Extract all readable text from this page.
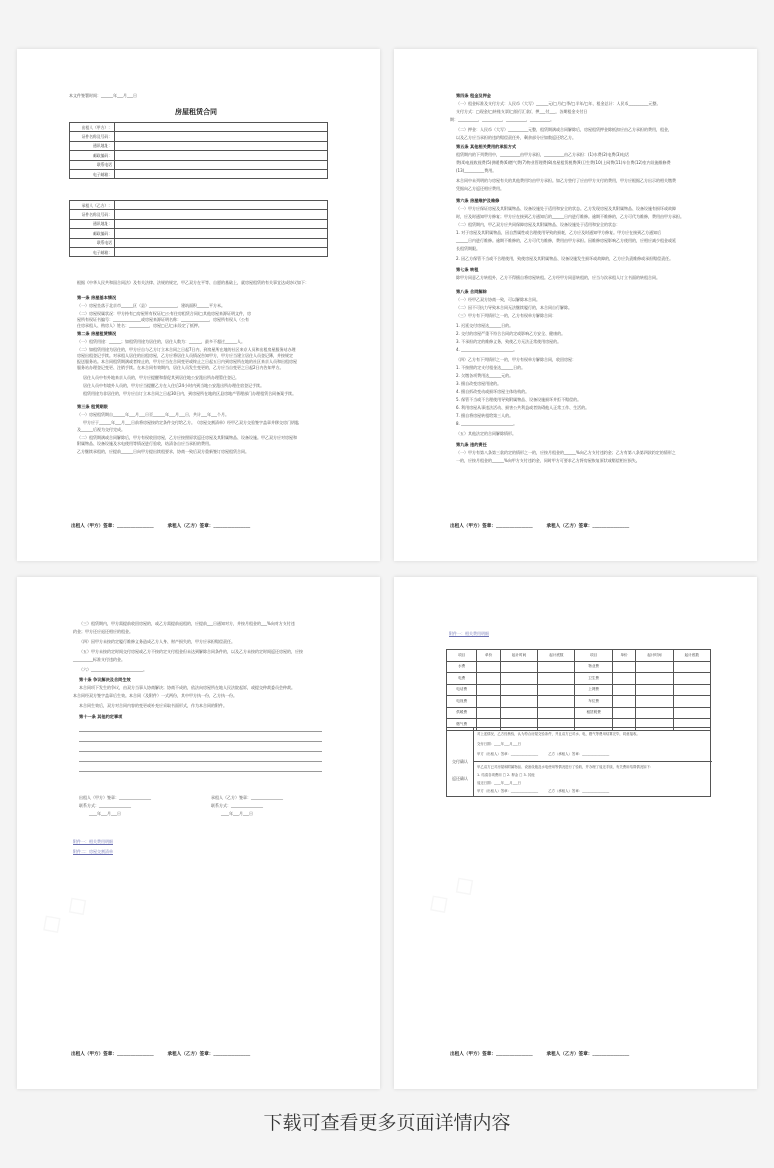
本文件签署时间：______年___月___日
房屋租赁合同
出租人（甲方）：	
证件名称及号码：	
通讯地址：	
邮政编码：	
联系电话	
电子邮箱：	
承租人（乙方）：	
证件名称及号码：	
通讯地址：	
邮政编码：	
联系电话	
电子邮箱：	
根据《中华人民共和国合同法》及有关法律、法规的规定，甲乙双方在平等、自愿的基础上，就房屋租赁的有关事宜达成协议如下：
第一条 房屋基本情况
（一）房屋坐落于北京市______区（县）______________，建筑面积______平方米。
（二）房屋权属状况：甲方持有□房屋所有权证/□公有住房租赁合同/□其他房屋来源证明文件，房
屋所有权证书编号：______________或房屋来源证明名称：______________，房屋所有权人（公有
住房承租人、购房人）姓名：__________，房屋□已/□未设定了抵押。
第二条 房屋租赁情况
（一）租赁用途：______；如租赁用途为居住的，居住人数为：______，最多不超过______人。
（二）如租赁用途为居住的，甲方应自与乙方订立本合同之日起7日内，到房屋所在地的社区来京人员和出租房屋服务站办理
房屋出租登记手续。对承租人居住的出租房屋，乙方应将居住人员情况告知甲方，甲方应当建立居住人员登记簿，并按规定
报送服务站。本合同租赁期满或者终止的，甲方应当在合同变更或终止之日起五日内到房屋所在地的社区来京人员和出租房屋
服务站办理登记变更、注销手续。在本合同有效期内，居住人员发生变更的，乙方应当自变更之日起2日内告知甲方。
居住人员中有外地来京人员的，甲方应提醒和督促其到居住地公安派出所办理暂住登记。
居住人员中有境外人员的，甲方应当提醒乙方在入住后24小时内到当地公安派出所办理住宿登记手续。
租赁用途为非居住的，甲方应自订立本合同之日起30日内，到房屋所在地的区县房地产管理部门办理租赁合同备案手续。
第三条 租赁期限
（一）房屋租赁期自______年___月___日至______年___月___日，共计___年___个月。
甲方应于______年___月___日前将房屋按约定条件交付给乙方。《房屋交割清单》经甲乙双方交验签字盖章并移交房门钥匙
及______后视为交付完成。
（二）租赁期满或合同解除后，甲方有权收回房屋，乙方应按照原状返还房屋及其附属物品、设备设施。甲乙双方应对房屋和
附属物品、设备设施及水电使用等情况进行验收，结清各自应当承担的费用。
乙方继续承租的，应提前______日向甲方提出续租要求，协商一致后双方重新签订房屋租赁合同。
出租人（甲方）签章：________________　　　承租人（乙方）签章：________________
第四条 租金及押金
（一）租金标准及支付方式：人民币（大写）______元/□月/□季/□半年/□年，租金总计：人民币__________元整。
支付方式：□现金/□转账支票/□银行汇款/，押___付___，各期租金支付日
期：__________，__________，__________，__________。
（二）押金：人民币（大写）__________元整，租赁期满或合同解除后，房屋租赁押金除抵扣应由乙方承担的费用，租金，
以及乙方应当承担的违约赔偿责任外，剩余部分应如数返还给乙方。
第五条 其他相关费用的承担方式
租赁期内的下列费用中，__________由甲方承担，__________由乙方承担：(1)水费(2)电费(3)电话
费(4)电视收视费(5)供暖费(6)燃气费(7)物业管理费(8)房屋租赁税费(9)卫生费(10)上网费(11)车位费(12)室内设施维修费
(13)__________费用。
本合同中未列明的与房屋有关的其他费用均由甲方承担。如乙方垫付了应由甲方支付的费用，甲方应根据乙方出示的相关缴费
凭据向乙方返还相应费用。
第六条 房屋维护及维修
（一）甲方应保证房屋及其附属物品、设备设施处于适用和安全的状态。乙方发现房屋及其附属物品、设备设施有损坏或故障
时，应及时通知甲方修复；甲方应在接到乙方通知后的______日内进行维修。逾期不维修的，乙方可代为维修，费用由甲方承担。
（二）租赁期内，甲乙双方应共同保障房屋及其附属物品、设备设施处于适用和安全的状态：
1. 对于房屋及其附属物品，因自然属性或合理使用导致的损耗，乙方应及时通知甲方修复。甲方应在接到乙方通知后
______日内进行维修。逾期不维修的，乙方可代为维修，费用由甲方承担。因维修房屋影响乙方使用的，应相应减少租金或延
长租赁期限。
2. 因乙方保管不当或不合理使用，致使房屋及其附属物品、设备设施发生损坏或故障的，乙方应负责维修或承担赔偿责任。
第七条 转租
除甲方同意乙方转租外，乙方不得擅自将房屋转租。乙方经甲方同意转租的，应当与次承租人订立书面的转租合同。
第八条 合同解除
（一）经甲乙双方协商一致，可以解除本合同。
（二）因不可抗力导致本合同无法继续履行的，本合同自行解除。
（三）甲方有下列情形之一的，乙方有权单方解除合同：
1. 迟延交付房屋达______日的。
2. 交付的房屋严重不符合合同约定或影响乙方安全、健康的。
3. 不承担约定的维修义务，致使乙方无法正常使用房屋的。
4. __________________________。
（四）乙方有下列情形之一的，甲方有权单方解除合同，收回房屋：
1. 不按照约定支付租金达______日的。
2. 欠缴各项费用达______元的。
3. 擅自改变房屋用途的。
4. 擅自拆改变动或损坏房屋主体结构的。
5. 保管不当或不合理使用导致附属物品、设备设施损坏并拒不赔偿的。
6. 利用房屋从事违法活动、损害公共利益或者妨碍他人正常工作、生活的。
7. 擅自将房屋转租给第三人的。
8. __________________________。
（五）其他法定的合同解除情形。
第九条 违约责任
（一）甲方有第八条第三款约定的情形之一的，应按月租金的______%向乙方支付违约金；乙方有第八条第四款约定的情形之
一的，应按月租金的______%向甲方支付违约金，同时甲方可要求乙方将房屋恢复原状或赔偿相应损失。
出租人（甲方）签章：________________　　　承租人（乙方）签章：________________
（三）租赁期内，甲方需提前收回房屋的，或乙方需提前退租的，应提前___日通知对方，并按月租金的___%向对方支付违
约金；甲方还应退还相应的租金。
（四）因甲方未按约定履行维修义务造成乙方人身、财产损失的，甲方应承担赔偿责任。
（五）甲方未按约定时间交付房屋或乙方不按约定支付租金但未达到解除合同条件的，以及乙方未按约定时间返还房屋的，应按
__________标准支付违约金。
（六）__________________________。
第十条 争议解决及合同生效
本合同项下发生的争议，由双方当事人协商解决；协商不成的，依法向房屋所在地人民法院起诉，或提交仲裁委员会仲裁。
本合同经双方签字盖章后生效。本合同（及附件）一式两份，其中甲方执一份，乙方执一份。
本合同生效后，双方对合同内容的变更或补充应采取书面形式，作为本合同的附件。
第十一条 其他约定事项
出租人（甲方）签章：________________	承租人（乙方）签章：________________
联系方式：________________	联系方式：________________
____年___月___日	____年___月___日
附件一：相关费用明细
附件二：房屋交割清单
出租人（甲方）签章：________________　　　承租人（乙方）签章：________________
附件一：相关费用明细
项目	单价	起计时间	起计底数	项目	单价	起计时间	起计底数
水费				物业费			
电费				卫生费			
电话费				上网费			
电视费				车位费			
供暖费				租赁税费			
燃气费							
交付确认
对上述情况，乙方经核验，认为符合房屋交验条件，并且双方已对水、电、燃气等费用结算完毕，同意接收。
交付日期：____年___月___日
甲方（出租人）签章：________________　　　乙方（承租人）签章：________________
返还确认
甲乙双方已对房屋和附属物品、设备设施及水电使用等情况进行了验收，并办理了返还手续，有关费用结算情况如下：
1. 结清各项费用 □ 2. 押金 □ 3. 其他
返还日期：____年___月___日
甲方（出租人）签章：________________　　　乙方（承租人）签章：________________
出租人（甲方）签章：________________　　　承租人（乙方）签章：________________
下载可查看更多页面详情内容
